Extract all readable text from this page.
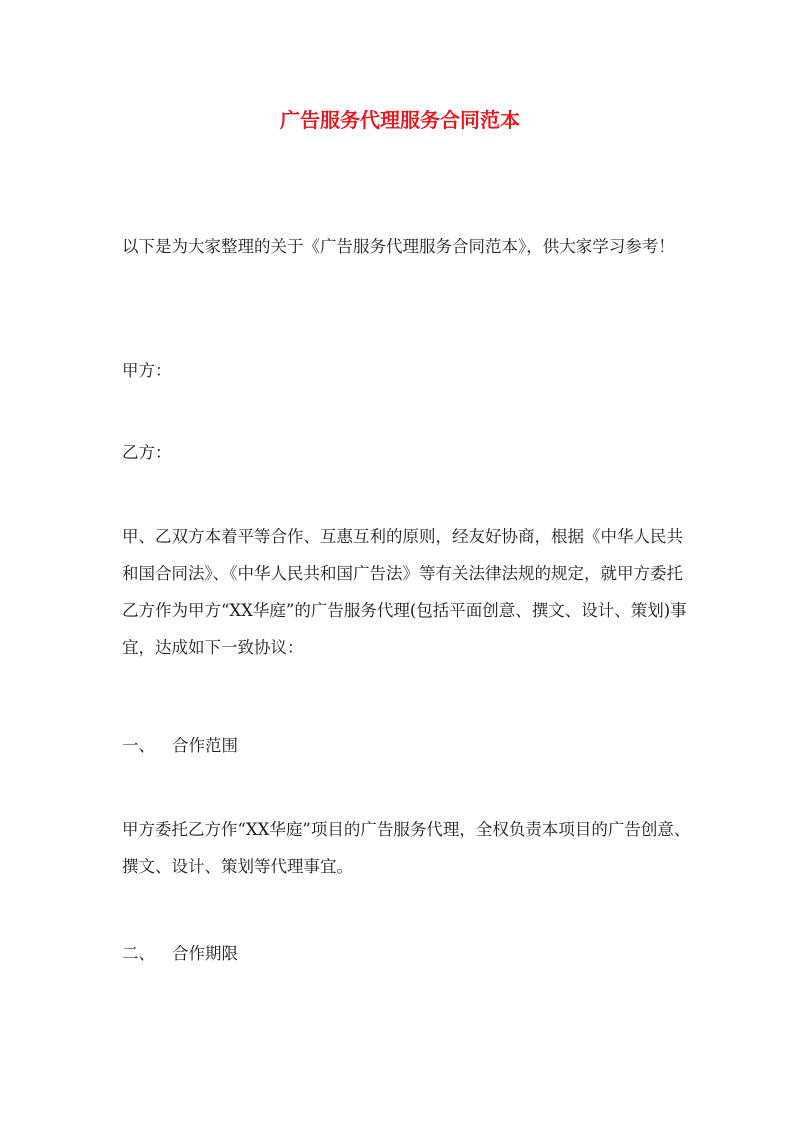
广告服务代理服务合同范本

以下是为大家整理的关于《广告服务代理服务合同范本》，供大家学习参考！

甲方：

乙方：

甲、乙双方本着平等合作、互惠互利的原则，经友好协商，根据《中华人民共和国合同法》、《中华人民共和国广告法》等有关法律法规的规定，就甲方委托乙方作为甲方“XX华庭”的广告服务代理(包括平面创意、撰文、设计、策划)事宜，达成如下一致协议：

一、 合作范围

甲方委托乙方作“XX华庭”项目的广告服务代理，全权负责本项目的广告创意、撰文、设计、策划等代理事宜。

二、 合作期限
